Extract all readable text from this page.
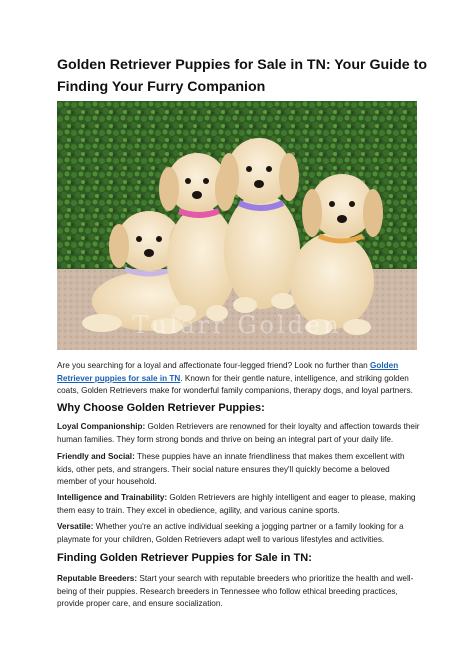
Golden Retriever Puppies for Sale in TN: Your Guide to Finding Your Furry Companion
Tularr Golden

Are you searching for a loyal and affectionate four-legged friend? Look no further than Golden Retriever puppies for sale in TN. Known for their gentle nature, intelligence, and striking golden coats, Golden Retrievers make for wonderful family companions, therapy dogs, and loyal partners.

Why Choose Golden Retriever Puppies:

Loyal Companionship: Golden Retrievers are renowned for their loyalty and affection towards their human families. They form strong bonds and thrive on being an integral part of your daily life.

Friendly and Social: These puppies have an innate friendliness that makes them excellent with kids, other pets, and strangers. Their social nature ensures they'll quickly become a beloved member of your household.

Intelligence and Trainability: Golden Retrievers are highly intelligent and eager to please, making them easy to train. They excel in obedience, agility, and various canine sports.

Versatile: Whether you're an active individual seeking a jogging partner or a family looking for a playmate for your children, Golden Retrievers adapt well to various lifestyles and activities.

Finding Golden Retriever Puppies for Sale in TN:

Reputable Breeders: Start your search with reputable breeders who prioritize the health and well-being of their puppies. Research breeders in Tennessee who follow ethical breeding practices, provide proper care, and ensure socialization.
